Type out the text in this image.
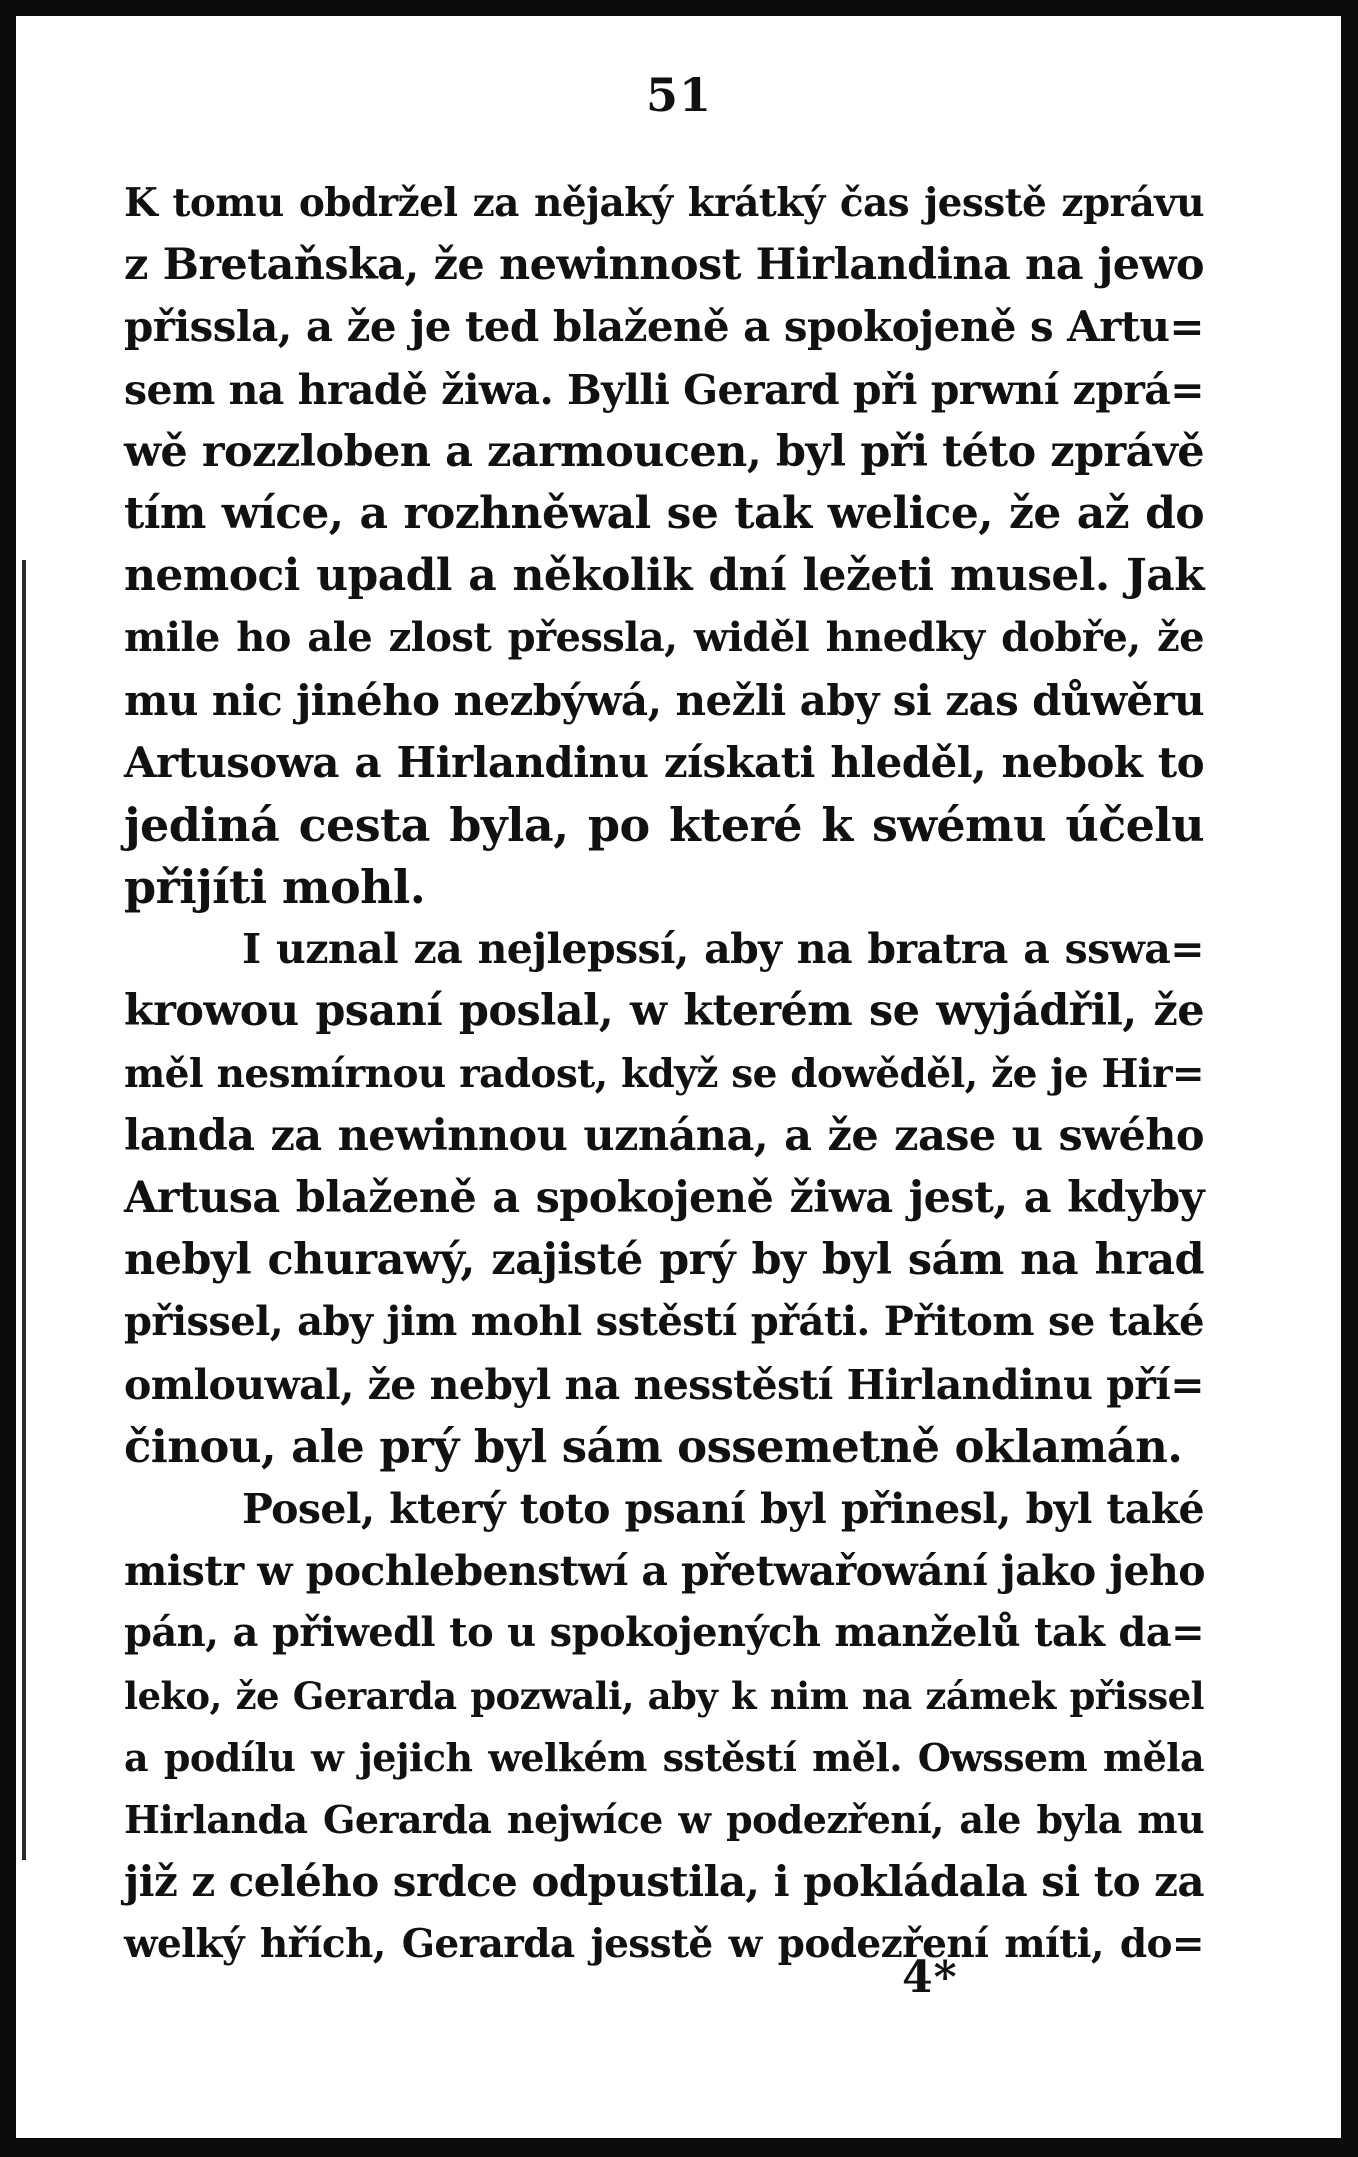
51
K tomu obdržel za nějaký krátký čas jesstě zprávu
z Bretaňska, že newinnost Hirlandina na jewo
přissla, a že je ted blaženě a spokojeně s Artu=
sem na hradě žiwa. Bylli Gerard při prwní zprá=
wě rozzloben a zarmoucen, byl při této zprávě
tím wíce, a rozhněwal se tak welice, že až do
nemoci upadl a několik dní ležeti musel. Jak
mile ho ale zlost přessla, widěl hnedky dobře, že
mu nic jiného nezbýwá, nežli aby si zas důwěru
Artusowa a Hirlandinu získati hleděl, nebok to
jediná cesta byla, po které k swému účelu
přijíti mohl.
I uznal za nejlepssí, aby na bratra a sswa=
krowou psaní poslal, w kterém se wyjádřil, že
měl nesmírnou radost, když se dowěděl, že je Hir=
landa za newinnou uznána, a že zase u swého
Artusa blaženě a spokojeně žiwa jest, a kdyby
nebyl churawý, zajisté prý by byl sám na hrad
přissel, aby jim mohl sstěstí přáti. Přitom se také
omlouwal, že nebyl na nesstěstí Hirlandinu pří=
činou, ale prý byl sám ossemetně oklamán.
Posel, který toto psaní byl přinesl, byl také
mistr w pochlebenstwí a přetwařowání jako jeho
pán, a přiwedl to u spokojených manželů tak da=
leko, že Gerarda pozwali, aby k nim na zámek přissel
a podílu w jejich welkém sstěstí měl. Owssem měla
Hirlanda Gerarda nejwíce w podezření, ale byla mu
již z celého srdce odpustila, i pokládala si to za
welký hřích, Gerarda jesstě w podezření míti, do=
4*
